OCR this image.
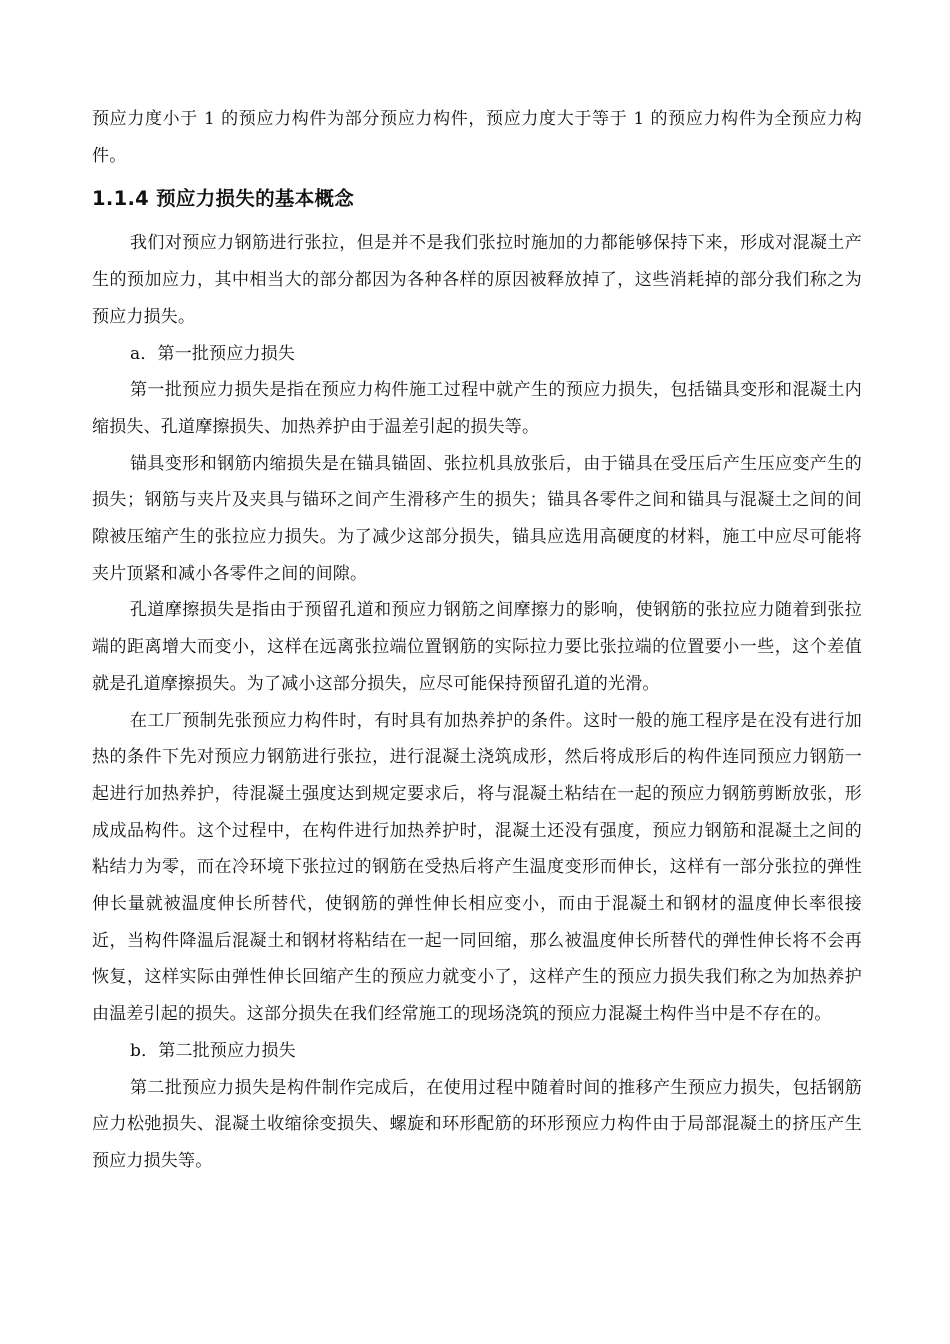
预应力度小于 1 的预应力构件为部分预应力构件，预应力度大于等于 1 的预应力构件为全预应力构件。

1.1.4 预应力损失的基本概念

我们对预应力钢筋进行张拉，但是并不是我们张拉时施加的力都能够保持下来，形成对混凝土产生的预加应力，其中相当大的部分都因为各种各样的原因被释放掉了，这些消耗掉的部分我们称之为预应力损失。

a．第一批预应力损失

第一批预应力损失是指在预应力构件施工过程中就产生的预应力损失，包括锚具变形和混凝土内缩损失、孔道摩擦损失、加热养护由于温差引起的损失等。

锚具变形和钢筋内缩损失是在锚具锚固、张拉机具放张后，由于锚具在受压后产生压应变产生的损失；钢筋与夹片及夹具与锚环之间产生滑移产生的损失；锚具各零件之间和锚具与混凝土之间的间隙被压缩产生的张拉应力损失。为了减少这部分损失，锚具应选用高硬度的材料，施工中应尽可能将夹片顶紧和减小各零件之间的间隙。

孔道摩擦损失是指由于预留孔道和预应力钢筋之间摩擦力的影响，使钢筋的张拉应力随着到张拉端的距离增大而变小，这样在远离张拉端位置钢筋的实际拉力要比张拉端的位置要小一些，这个差值就是孔道摩擦损失。为了减小这部分损失，应尽可能保持预留孔道的光滑。

在工厂预制先张预应力构件时，有时具有加热养护的条件。这时一般的施工程序是在没有进行加热的条件下先对预应力钢筋进行张拉，进行混凝土浇筑成形，然后将成形后的构件连同预应力钢筋一起进行加热养护，待混凝土强度达到规定要求后，将与混凝土粘结在一起的预应力钢筋剪断放张，形成成品构件。这个过程中，在构件进行加热养护时，混凝土还没有强度，预应力钢筋和混凝土之间的粘结力为零，而在冷环境下张拉过的钢筋在受热后将产生温度变形而伸长，这样有一部分张拉的弹性伸长量就被温度伸长所替代，使钢筋的弹性伸长相应变小，而由于混凝土和钢材的温度伸长率很接近，当构件降温后混凝土和钢材将粘结在一起一同回缩，那么被温度伸长所替代的弹性伸长将不会再恢复，这样实际由弹性伸长回缩产生的预应力就变小了，这样产生的预应力损失我们称之为加热养护由温差引起的损失。这部分损失在我们经常施工的现场浇筑的预应力混凝土构件当中是不存在的。

b．第二批预应力损失

第二批预应力损失是构件制作完成后，在使用过程中随着时间的推移产生预应力损失，包括钢筋应力松弛损失、混凝土收缩徐变损失、螺旋和环形配筋的环形预应力构件由于局部混凝土的挤压产生预应力损失等。
